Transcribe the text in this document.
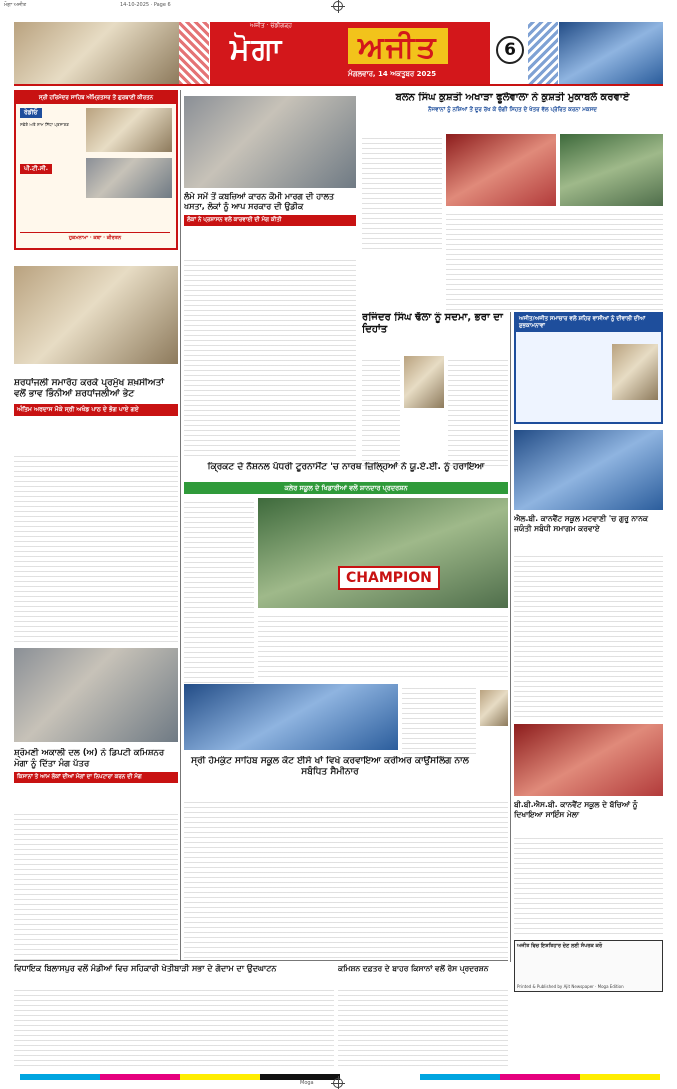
ਮੋਗਾ ਅਜੀਤ	14-10-2025 · Page 6
ਅਜੀਤ · ਚੰਡੀਗੜ੍ਹ
ਮੋਗਾ	ਅਜੀਤ
ਮੰਗਲਵਾਰ, 14 ਅਕਤੂਬਰ 2025
6
ਸ੍ਰੀ ਹਰਿਮੰਦਰ ਸਾਹਿਬ ਅੰਮ੍ਰਿਤਸਰ ਤੋਂ ਗੁਰਬਾਣੀ ਕੀਰਤਨ
ਰੇਡੀਓ
ਸਵੇਰੇ ਅਤੇ ਸ਼ਾਮ ਸਿੱਧਾ ਪ੍ਰਸਾਰਣ
ਪੀ.ਟੀ.ਸੀ.
ਹੁਕਮਨਾਮਾ · ਕਥਾ · ਕੀਰਤਨ
ਸ਼ਰਧਾਂਜਲੀ ਸਮਾਰੋਹ ਕਰਕੇ ਪ੍ਰਮੁੱਖ ਸ਼ਖ਼ਸੀਅਤਾਂ ਵਲੋਂ ਭਾਵ ਭਿੰਨੀਆਂ ਸ਼ਰਧਾਂਜਲੀਆਂ ਭੇਟ
ਅੰਤਿਮ ਅਰਦਾਸ ਮੌਕੇ ਸ੍ਰੀ ਅਖੰਡ ਪਾਠ ਦੇ ਭੋਗ ਪਾਏ ਗਏ
ਸ਼੍ਰੋਮਣੀ ਅਕਾਲੀ ਦਲ (ਅ) ਨੇ ਡਿਪਟੀ ਕਮਿਸ਼ਨਰ ਮੋਗਾ ਨੂੰ ਦਿੱਤਾ ਮੰਗ ਪੱਤਰ
ਕਿਸਾਨਾਂ ਤੇ ਆਮ ਲੋਕਾਂ ਦੀਆਂ ਮੰਗਾਂ ਦਾ ਨਿਪਟਾਰਾ ਕਰਨ ਦੀ ਮੰਗ
ਲੰਮੇ ਸਮੇਂ ਤੋਂ ਕਬਜ਼ਿਆਂ ਕਾਰਨ ਕੌਮੀ ਮਾਰਗ ਦੀ ਹਾਲਤ ਖਸਤਾ, ਲੋਕਾਂ ਨੂੰ ਆਪ ਸਰਕਾਰ ਦੀ ਉਡੀਕ
ਲੋਕਾਂ ਨੇ ਪ੍ਰਸ਼ਾਸਨ ਵਲੋਂ ਕਾਰਵਾਈ ਦੀ ਮੰਗ ਕੀਤੀ
ਬਲਨ ਸਿੰਘ ਕੁਸ਼ਤੀ ਅਖਾੜਾ ਫੂਲੇਵਾਲਾ ਨੇ ਕੁਸ਼ਤੀ ਮੁਕਾਬਲੇ ਕਰਵਾਏ
ਨੌਜਵਾਨਾਂ ਨੂੰ ਨਸ਼ਿਆਂ ਤੋਂ ਦੂਰ ਰੱਖ ਕੇ ਚੰਗੀ ਸਿਹਤ ਦੇ ਖੇਤਰ ਵੱਲ ਪ੍ਰੇਰਿਤ ਕਰਨਾ ਮਕਸਦ
ਰਜਿੰਦਰ ਸਿੰਘ ਢੱਲਾ ਨੂੰ ਸਦਮਾ, ਭਰਾ ਦਾ ਦਿਹਾਂਤ
ਅਜੀਤ/ਅਜੀਤ ਸਮਾਚਾਰ ਵਲੋਂ ਸ਼ਹਿਰ ਵਾਸੀਆਂ ਨੂੰ ਦੀਵਾਲੀ ਦੀਆਂ ਸ਼ੁਭਕਾਮਨਾਵਾਂ
ਕ੍ਰਿਕਟ ਦੇ ਨੈਸ਼ਨਲ ਪੱਧਰੀ ਟੂਰਨਾਮੈਂਟ 'ਚ ਨਾਰਥ ਜ਼ਿਲ੍ਹਿਆਂ ਨੇ ਯੂ.ਏ.ਈ. ਨੂੰ ਹਰਾਇਆ
ਕਲੇਰ ਸਕੂਲ ਦੇ ਖਿਡਾਰੀਆਂ ਵਲੋਂ ਸ਼ਾਨਦਾਰ ਪ੍ਰਦਰਸ਼ਨ
CHAMPION
ਐਲ.ਬੀ. ਕਾਨਵੈਂਟ ਸਕੂਲ ਮਟਵਾਣੀ 'ਚ ਗੁਰੂ ਨਾਨਕ ਜਯੰਤੀ ਸਬੰਧੀ ਸਮਾਗਮ ਕਰਵਾਏ
ਸ੍ਰੀ ਹੇਮਕੁੰਟ ਸਾਹਿਬ ਸਕੂਲ ਕੋਟ ਈਸੇ ਖਾਂ ਵਿਖੇ ਕਰਵਾਇਆ ਕਰੀਅਰ ਕਾਉਂਸਲਿੰਗ ਨਾਲ ਸਬੰਧਿਤ ਸੈਮੀਨਾਰ
ਬੀ.ਬੀ.ਐਸ.ਬੀ. ਕਾਨਵੈਂਟ ਸਕੂਲ ਦੇ ਬੱਚਿਆਂ ਨੂੰ ਦਿਖਾਇਆ ਸਾਇੰਸ ਮੇਲਾ
ਅਜੀਤ ਵਿਚ ਇਸ਼ਤਿਹਾਰ ਦੇਣ ਲਈ ਸੰਪਰਕ ਕਰੋ
Printed & Published by Ajit Newspaper · Moga Edition
ਵਿਧਾਇਕ ਬਿਲਾਸਪੁਰ ਵਲੋਂ ਮੰਡੀਆਂ ਵਿਚ ਸਹਿਕਾਰੀ ਖੇਤੀਬਾੜੀ ਸਭਾ ਦੇ ਗੋਦਾਮ ਦਾ ਉਦਘਾਟਨ	ਕਮਿਸ਼ਨ ਦਫ਼ਤਰ ਦੇ ਬਾਹਰ ਕਿਸਾਨਾਂ ਵਲੋਂ ਰੋਸ ਪ੍ਰਦਰਸ਼ਨ
Moga
